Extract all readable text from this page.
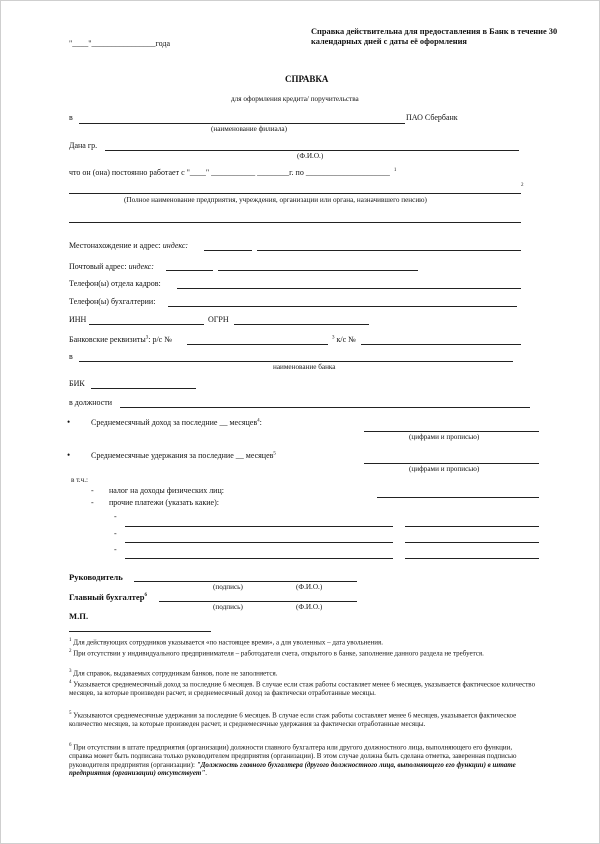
"____"________________года
Справка действительна для предоставления в Банк в течение 30 календарных дней с даты её оформления
СПРАВКА
для оформления кредита/ поручительства
в	ПАО Сбербанк
(наименование филиала)
Дана гр.
(Ф.И.О.)
что он (она) постоянно работает с "____" ___________ ________г. по _____________________ $^1$
2
(Полное наименование предприятия, учреждения, организации или органа, назначившего пенсию)
Местонахождение и адрес: индекс:
Почтовый адрес: индекс:
Телефон(ы) отдела кадров:
Телефон(ы) бухгалтерии:
ИНН	ОГРН
Банковские реквизиты$^3$: р/с №	$^3$ к/с №
в
наименование банка
БИК
в должности
•	Среднемесячный доход за последние __ месяцев$^4$:
(цифрами и прописью)
•	Среднемесячные удержания за последние __ месяцев$^5$
(цифрами и прописью)
в т.ч.:
- налог на доходы физических лиц:
- прочие платежи (указать какие):
-
-
-
Руководитель
(подпись)	(Ф.И.О.)
Главный бухгалтер$^6$
(подпись)	(Ф.И.О.)
М.П.
$^1$ Для действующих сотрудников указывается «по настоящее время», а для уволенных – дата увольнения.
$^2$ При отсутствии у индивидуального предпринимателя – работодателя счета, открытого в банке, заполнение данного раздела не требуется.
$^3$ Для справок, выдаваемых сотрудникам банков, поле не заполняется.
$^4$ Указывается среднемесячный доход за последние 6 месяцев. В случае если стаж работы составляет менее 6 месяцев, указывается фактическое количество месяцев, за которые произведен расчет, и среднемесячный доход за фактически отработанные месяцы.
$^5$ Указываются среднемесячные удержания за последние 6 месяцев. В случае если стаж работы составляет менее 6 месяцев, указывается фактическое количество месяцев, за которые произведен расчет, и среднемесячные удержания за фактически отработанные месяцы.
$^6$ При отсутствии в штате предприятия (организации) должности главного бухгалтера или другого должностного лица, выполняющего его функции, справка может быть подписана только руководителем предприятия (организации). В этом случае должна быть сделана отметка, заверенная подписью руководителя предприятия (организации): "Должность главного бухгалтера (другого должностного лица, выполняющего его функции) в штате предприятия (организации) отсутствует".
